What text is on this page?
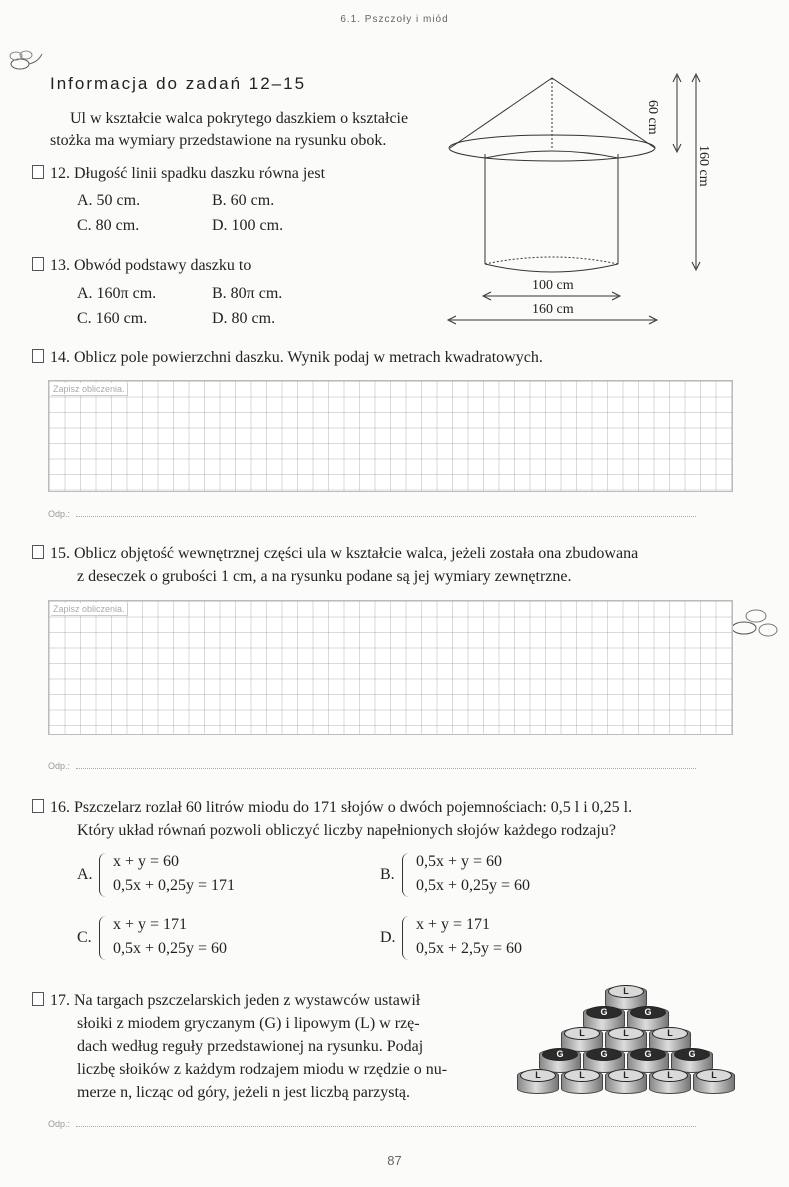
6.1. Pszczoły i miód
Informacja do zadań 12–15
Ul w kształcie walca pokrytego daszkiem o kształcie stożka ma wymiary przedstawione na rysunku obok.
60 cm
160 cm
100 cm
160 cm
12. Długość linii spadku daszku równa jest
A. 50 cm.	B. 60 cm.
C. 80 cm.	D. 100 cm.
13. Obwód podstawy daszku to
A. 160π cm.	B. 80π cm.
C. 160 cm.	D. 80 cm.
14. Oblicz pole powierzchni daszku. Wynik podaj w metrach kwadratowych.
Zapisz obliczenia.
Odp.:
15. Oblicz objętość wewnętrznej części ula w kształcie walca, jeżeli została ona zbudowana
z deseczek o grubości 1 cm, a na rysunku podane są jej wymiary zewnętrzne.
Zapisz obliczenia.
Odp.:
16. Pszczelarz rozlał 60 litrów miodu do 171 słojów o dwóch pojemnościach: 0,5 l i 0,25 l.
Który układ równań pozwoli obliczyć liczby napełnionych słojów każdego rodzaju?
A.
x + y = 60
0,5x + 0,25y = 171
B.
0,5x + y = 60
0,5x + 0,25y = 60
C.
x + y = 171
0,5x + 0,25y = 60
D.
x + y = 171
0,5x + 2,5y = 60
17. Na targach pszczelarskich jeden z wystawców ustawił
słoiki z miodem gryczanym (G) i lipowym (L) w rzę-
dach według reguły przedstawionej na rysunku. Podaj
liczbę słoików z każdym rodzajem miodu w rzędzie o nu-
merze n, licząc od góry, jeżeli n jest liczbą parzystą.
L
G	G
L	L	L
G	G	G	G
L	L	L	L	L
Odp.:
87
